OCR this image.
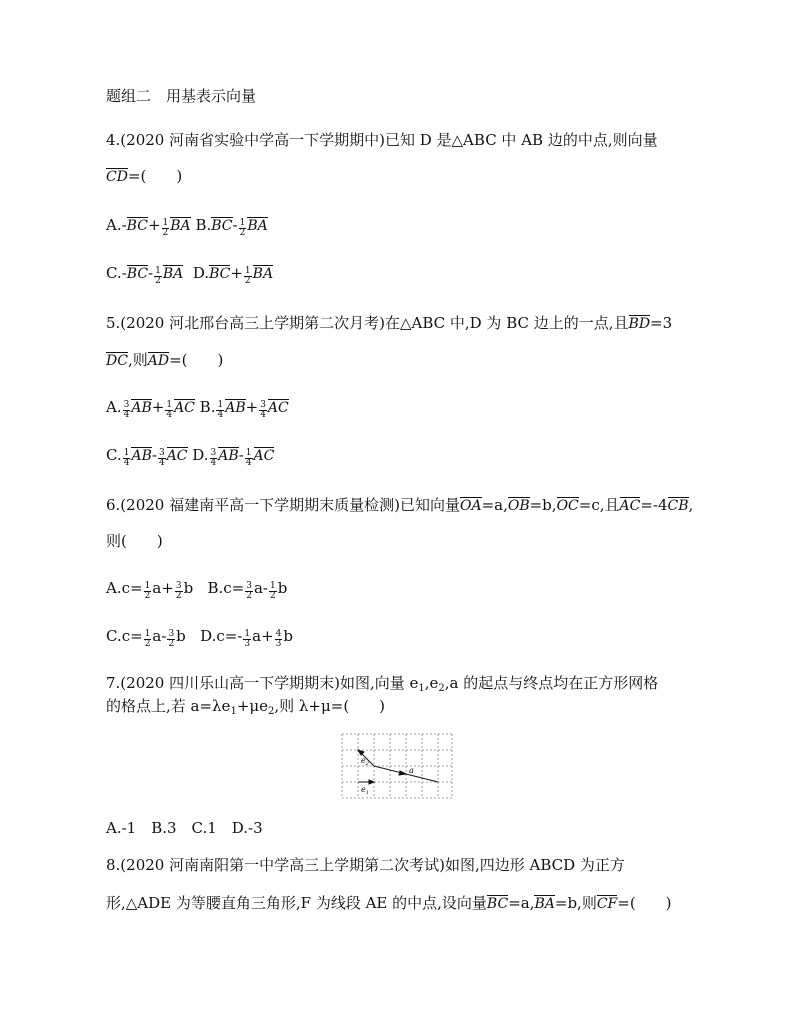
题组二　用基表示向量
4.(2020 河南省实验中学高一下学期期中)已知 D 是△ABC 中 AB 边的中点,则向量
CD=(　　)
$A.-BC+ \frac{1}{2}$ BA $B.BC- \frac{1}{2}$ BA
$C.-BC- \frac{1}{2}$ BA $D.BC+ \frac{1}{2}$ BA
5.(2020 河北邢台高三上学期第二次月考)在△ABC 中,D 为 BC 边上的一点,且BD=3
DC,则AD=(　　)
A. $\frac{3}{4} AB+ \frac{1}{4}$ AC B. $\frac{1}{4} AB+ \frac{3}{4}$ AC
C. $\frac{1}{4} AB- \frac{3}{4}$ AC D. $\frac{3}{4} AB- \frac{1}{4}$ AC
6.(2020 福建南平高一下学期期末质量检测)已知向量OA=a,OB=b,OC=c,且AC=-4CB,
则(　　)
$A.c= \frac{1}{2} a+ \frac{3}{2}$ b   $B.c= \frac{3}{2} a- \frac{1}{2}$ b
$C.c= \frac{1}{2} a- \frac{3}{2}$ b   $D.c=- \frac{1}{3} a+ \frac{4}{3}$ b
7.(2020 四川乐山高一下学期期末)如图,向量 $e_1,e_2,a$ 的起点与终点均在正方形网格
的格点上,若 $a=\lambda e_1+\mu e_2$,则 λ+μ=(　　)
$e_2$
$e_1$
a
A.-1　B.3　C.1　D.-3
8.(2020 河南南阳第一中学高三上学期第二次考试)如图,四边形 ABCD 为正方
形,△ADE 为等腰直角三角形,F 为线段 AE 的中点,设向量BC=a,BA=b,则CF=(　　)
